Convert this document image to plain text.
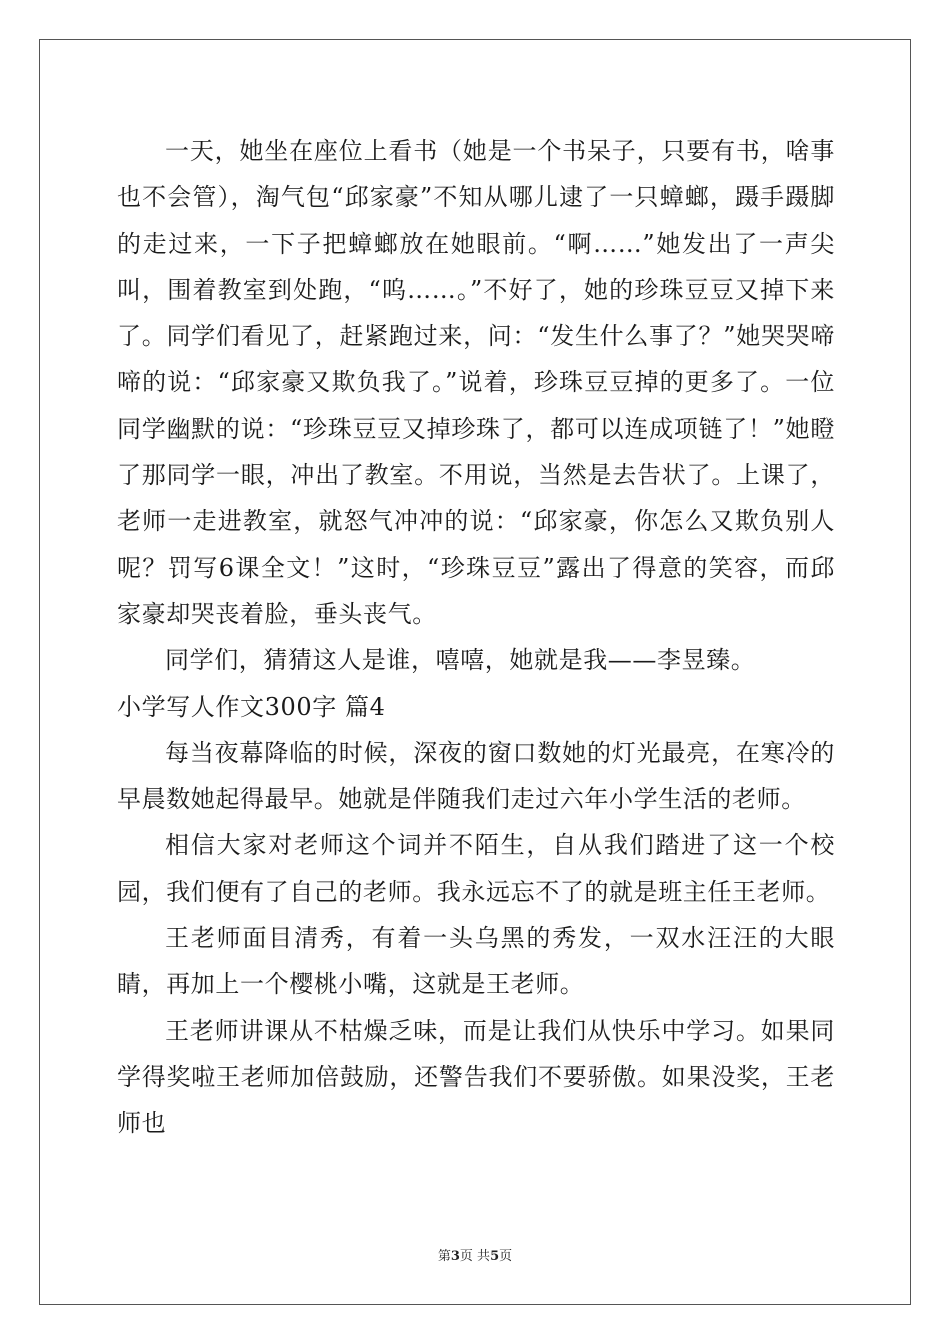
一天，她坐在座位上看书（她是一个书呆子，只要有书，啥事也不会管），淘气包“邱家豪”不知从哪儿逮了一只蟑螂，蹑手蹑脚的走过来，一下子把蟑螂放在她眼前。“啊……”她发出了一声尖叫，围着教室到处跑，“呜……。”不好了，她的珍珠豆豆又掉下来了。同学们看见了，赶紧跑过来，问：“发生什么事了？”她哭哭啼啼的说：“邱家豪又欺负我了。”说着，珍珠豆豆掉的更多了。一位同学幽默的说：“珍珠豆豆又掉珍珠了，都可以连成项链了！”她瞪了那同学一眼，冲出了教室。不用说，当然是去告状了。上课了，老师一走进教室，就怒气冲冲的说：“邱家豪，你怎么又欺负别人呢？罚写6课全文！”这时，“珍珠豆豆”露出了得意的笑容，而邱家豪却哭丧着脸，垂头丧气。

同学们，猜猜这人是谁，嘻嘻，她就是我——李昱臻。

小学写人作文300字 篇4

每当夜幕降临的时候，深夜的窗口数她的灯光最亮，在寒冷的早晨数她起得最早。她就是伴随我们走过六年小学生活的老师。

相信大家对老师这个词并不陌生，自从我们踏进了这一个校园，我们便有了自己的老师。我永远忘不了的就是班主任王老师。

王老师面目清秀，有着一头乌黑的秀发，一双水汪汪的大眼睛，再加上一个樱桃小嘴，这就是王老师。

王老师讲课从不枯燥乏味，而是让我们从快乐中学习。如果同学得奖啦王老师加倍鼓励，还警告我们不要骄傲。如果没奖，王老师也

第3页 共5页
